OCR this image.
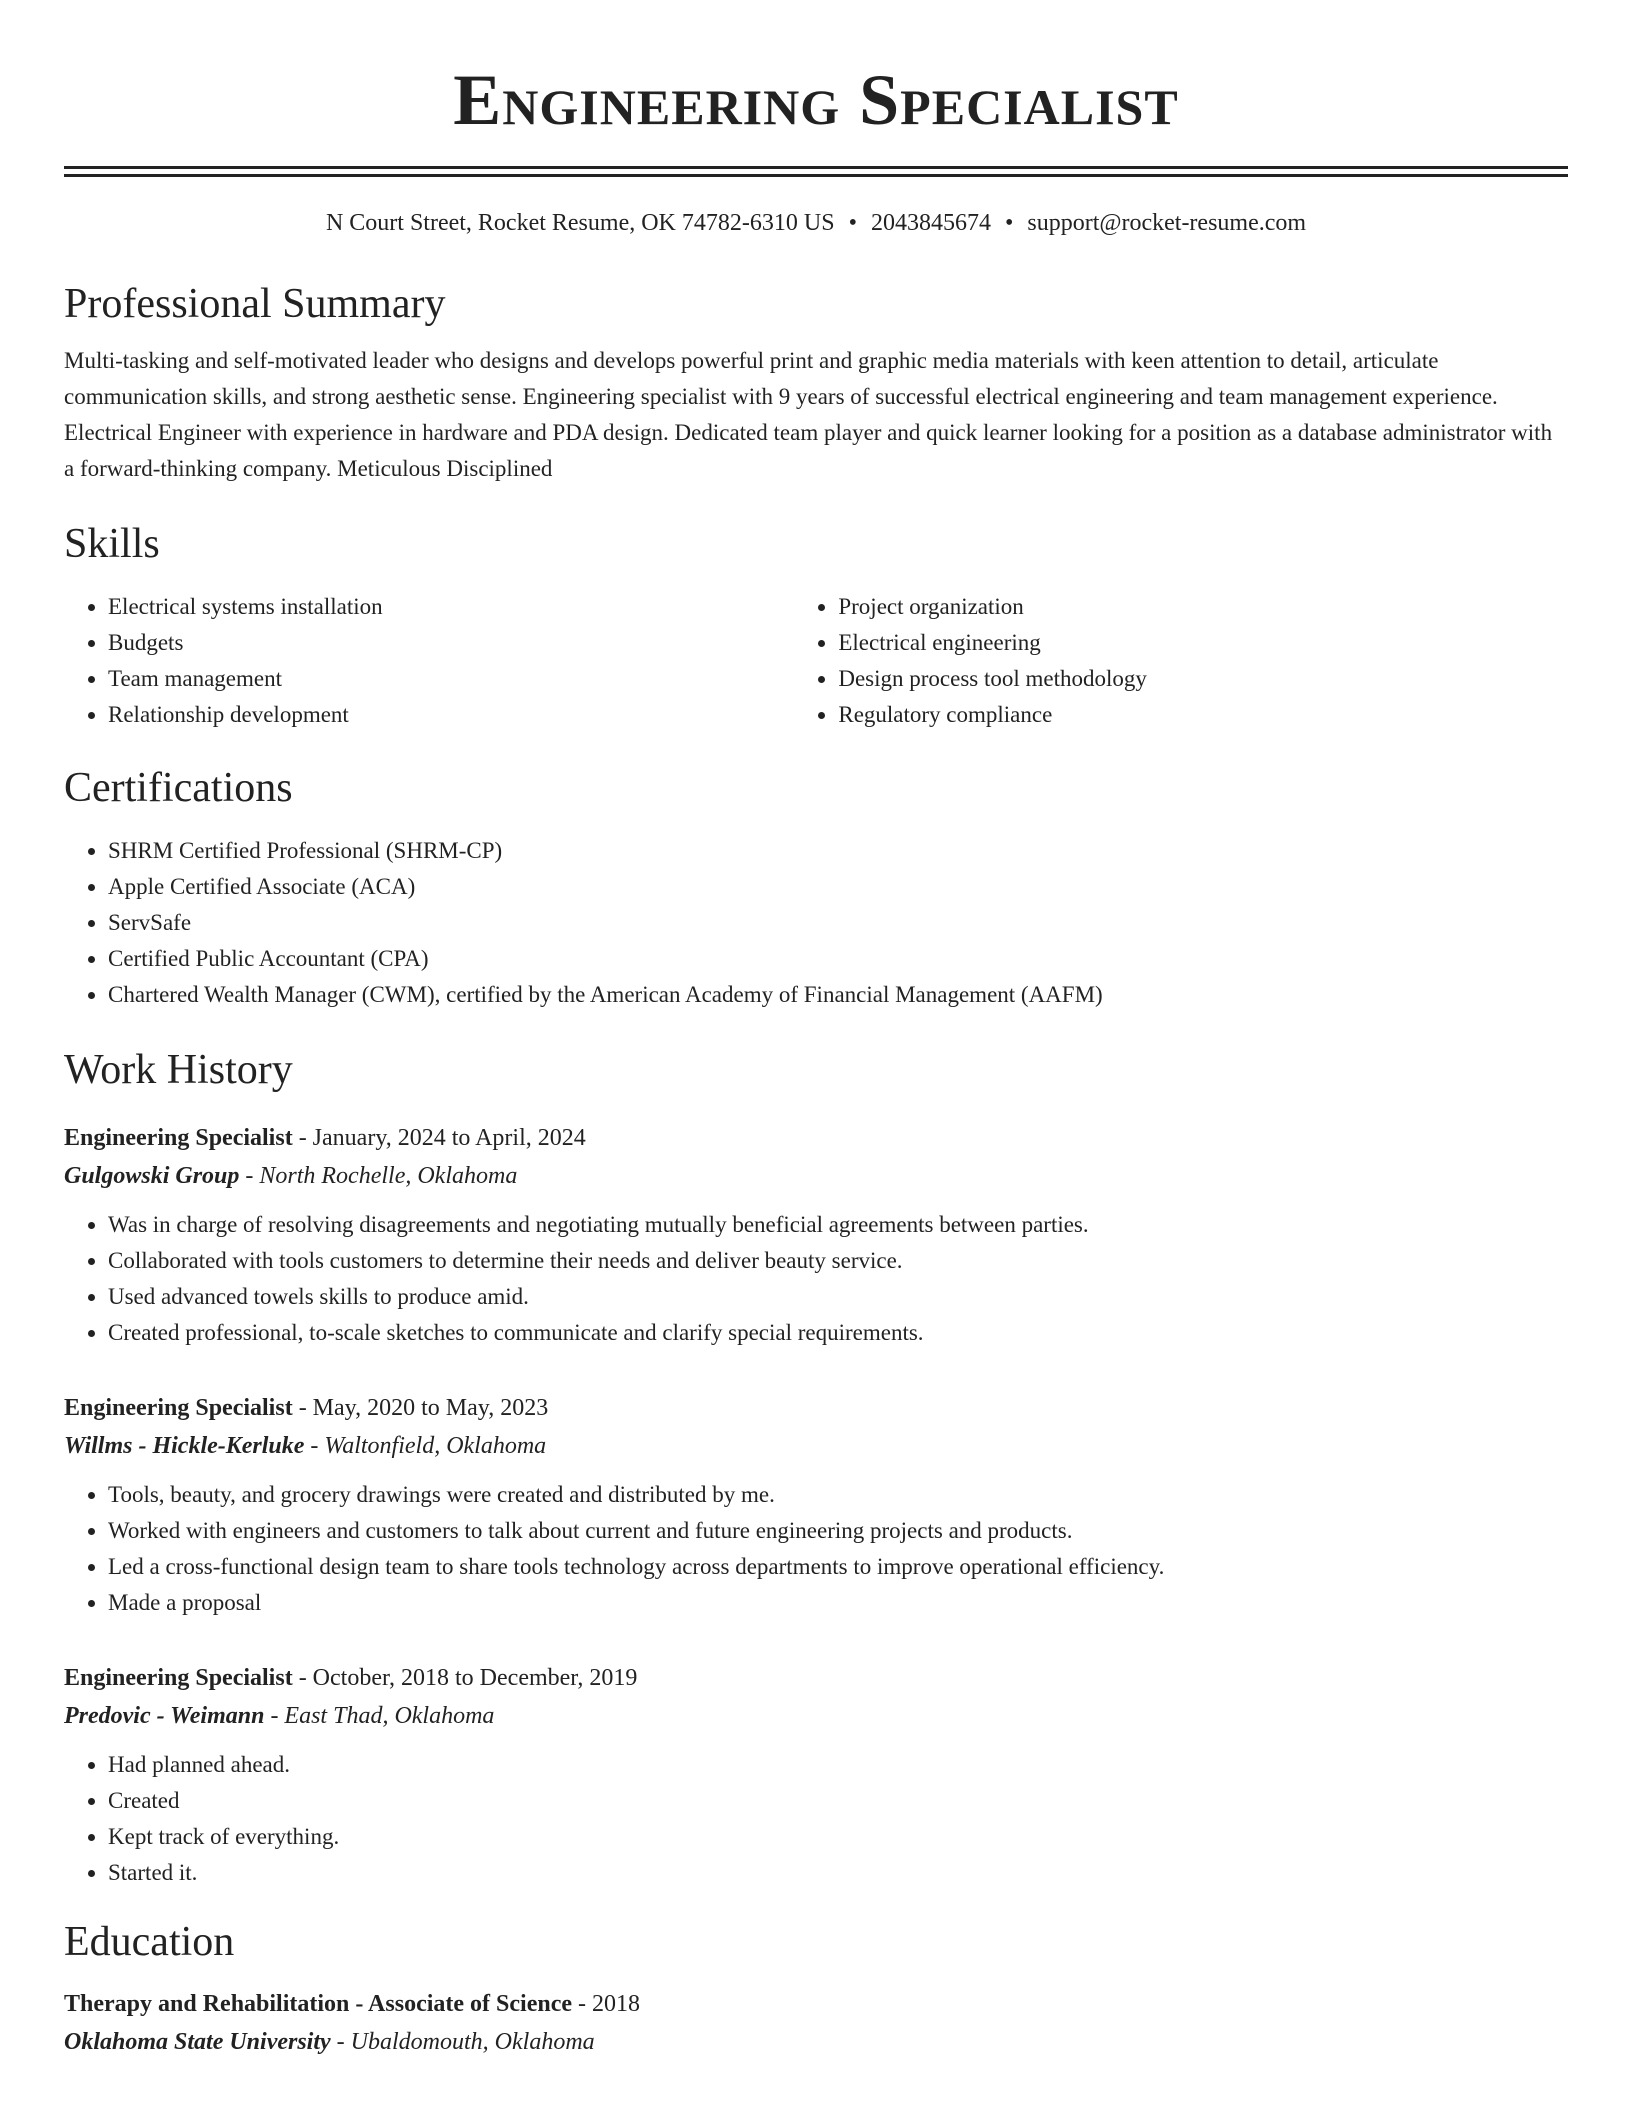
Engineering Specialist
N Court Street, Rocket Resume, OK 74782-6310 US • 2043845674 • support@rocket-resume.com
Professional Summary

Multi-tasking and self-motivated leader who designs and develops powerful print and graphic media materials with keen attention to detail, articulate communication skills, and strong aesthetic sense. Engineering specialist with 9 years of successful electrical engineering and team management experience. Electrical Engineer with experience in hardware and PDA design. Dedicated team player and quick learner looking for a position as a database administrator with a forward-thinking company. Meticulous Disciplined

Skills
• Electrical systems installation
• Budgets
• Team management
• Relationship development
• Project organization
• Electrical engineering
• Design process tool methodology
• Regulatory compliance
Certifications
• SHRM Certified Professional (SHRM-CP)
• Apple Certified Associate (ACA)
• ServSafe
• Certified Public Accountant (CPA)
• Chartered Wealth Manager (CWM), certified by the American Academy of Financial Management (AAFM)
Work History
Engineering Specialist - January, 2024 to April, 2024
Gulgowski Group - North Rochelle, Oklahoma
• Was in charge of resolving disagreements and negotiating mutually beneficial agreements between parties.
• Collaborated with tools customers to determine their needs and deliver beauty service.
• Used advanced towels skills to produce amid.
• Created professional, to-scale sketches to communicate and clarify special requirements.
Engineering Specialist - May, 2020 to May, 2023
Willms - Hickle-Kerluke - Waltonfield, Oklahoma
• Tools, beauty, and grocery drawings were created and distributed by me.
• Worked with engineers and customers to talk about current and future engineering projects and products.
• Led a cross-functional design team to share tools technology across departments to improve operational efficiency.
• Made a proposal
Engineering Specialist - October, 2018 to December, 2019
Predovic - Weimann - East Thad, Oklahoma
• Had planned ahead.
• Created
• Kept track of everything.
• Started it.
Education
Therapy and Rehabilitation - Associate of Science - 2018
Oklahoma State University - Ubaldomouth, Oklahoma
